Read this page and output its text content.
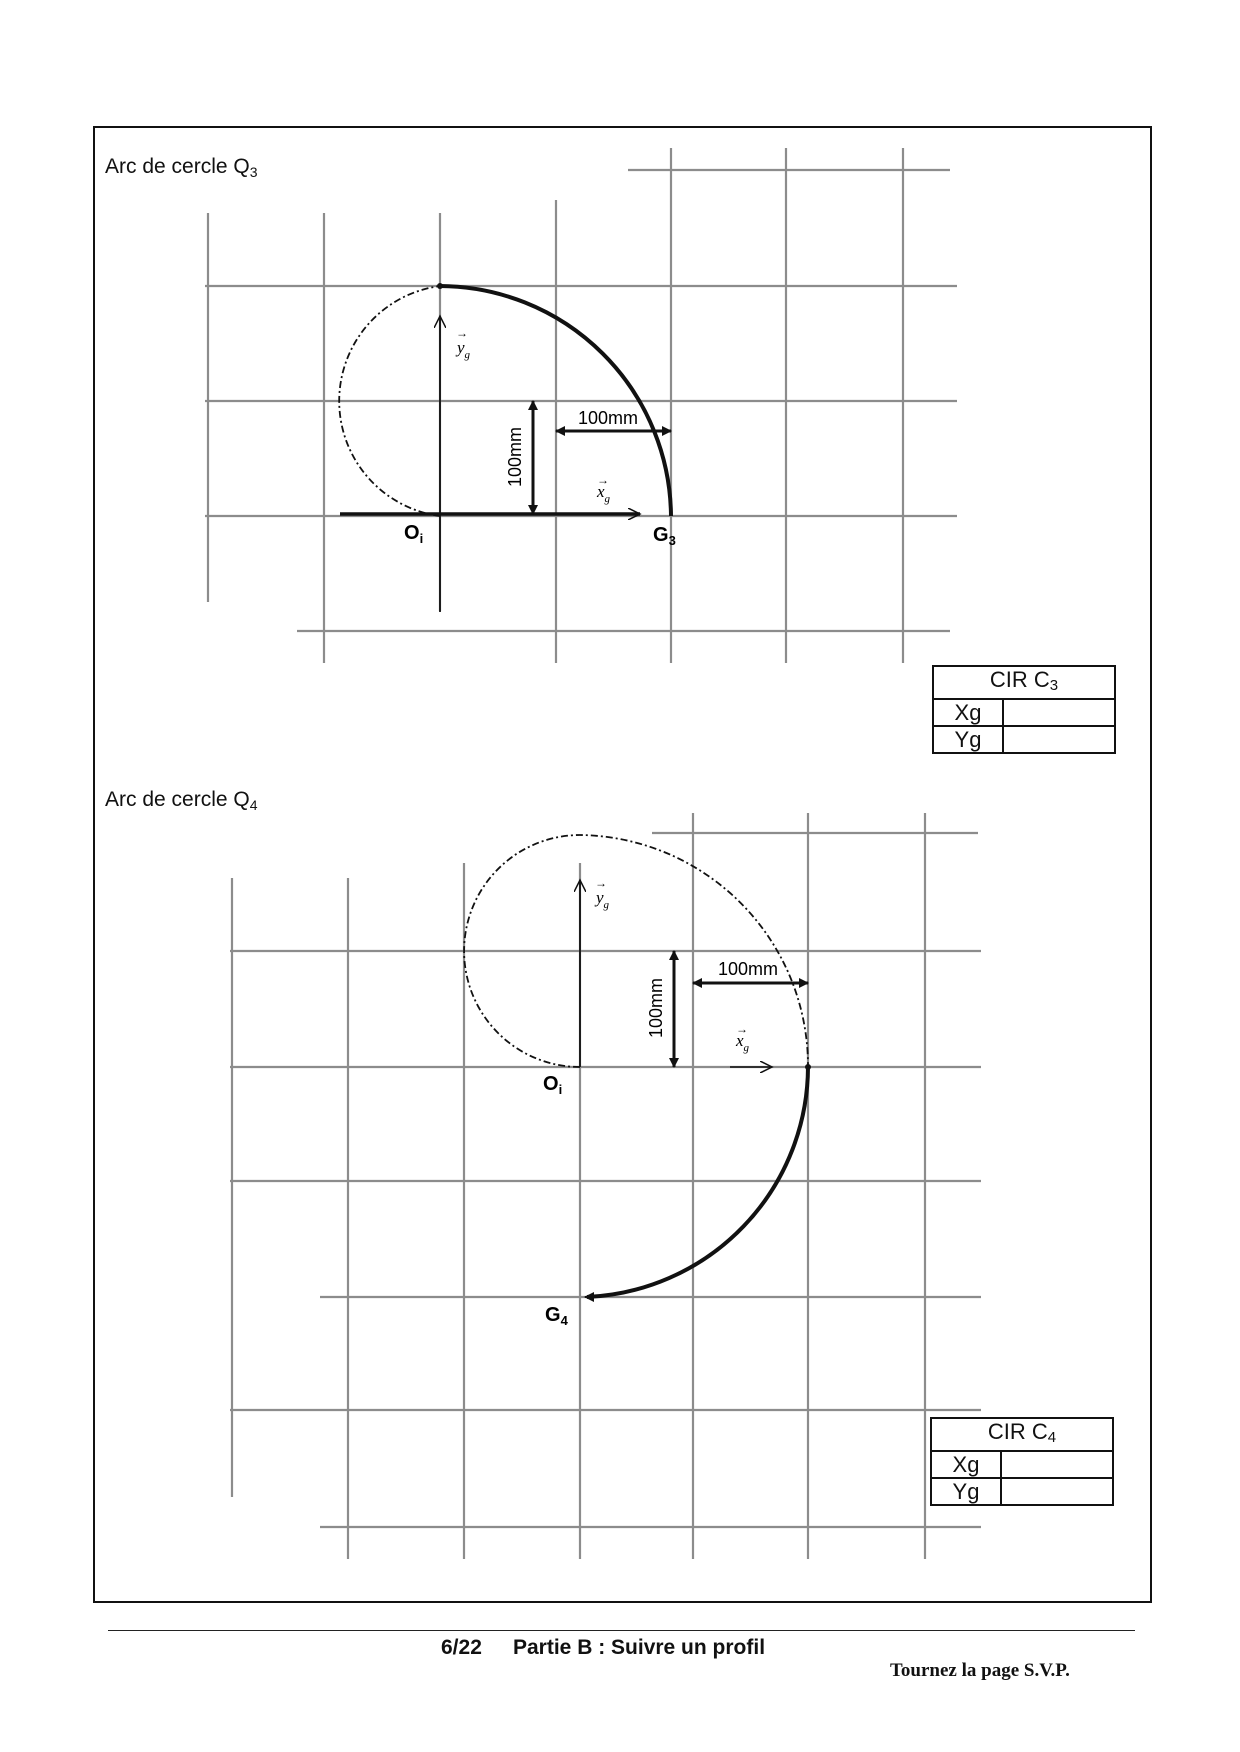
Arc de cercle $Q_3$
Arc de cercle $Q_4$
100mm
100mm
$O_i$	$G_3$
$y_g$
→
$x_g$
→
100mm
100mm
$O_i$
$G_4$
$y_g$
→
$x_g$
→
CIR $C_3$
Xg	
Yg	
CIR $C_4$
Xg	
Yg	
6/22 Partie B : Suivre un profil
Tournez la page S.V.P.
